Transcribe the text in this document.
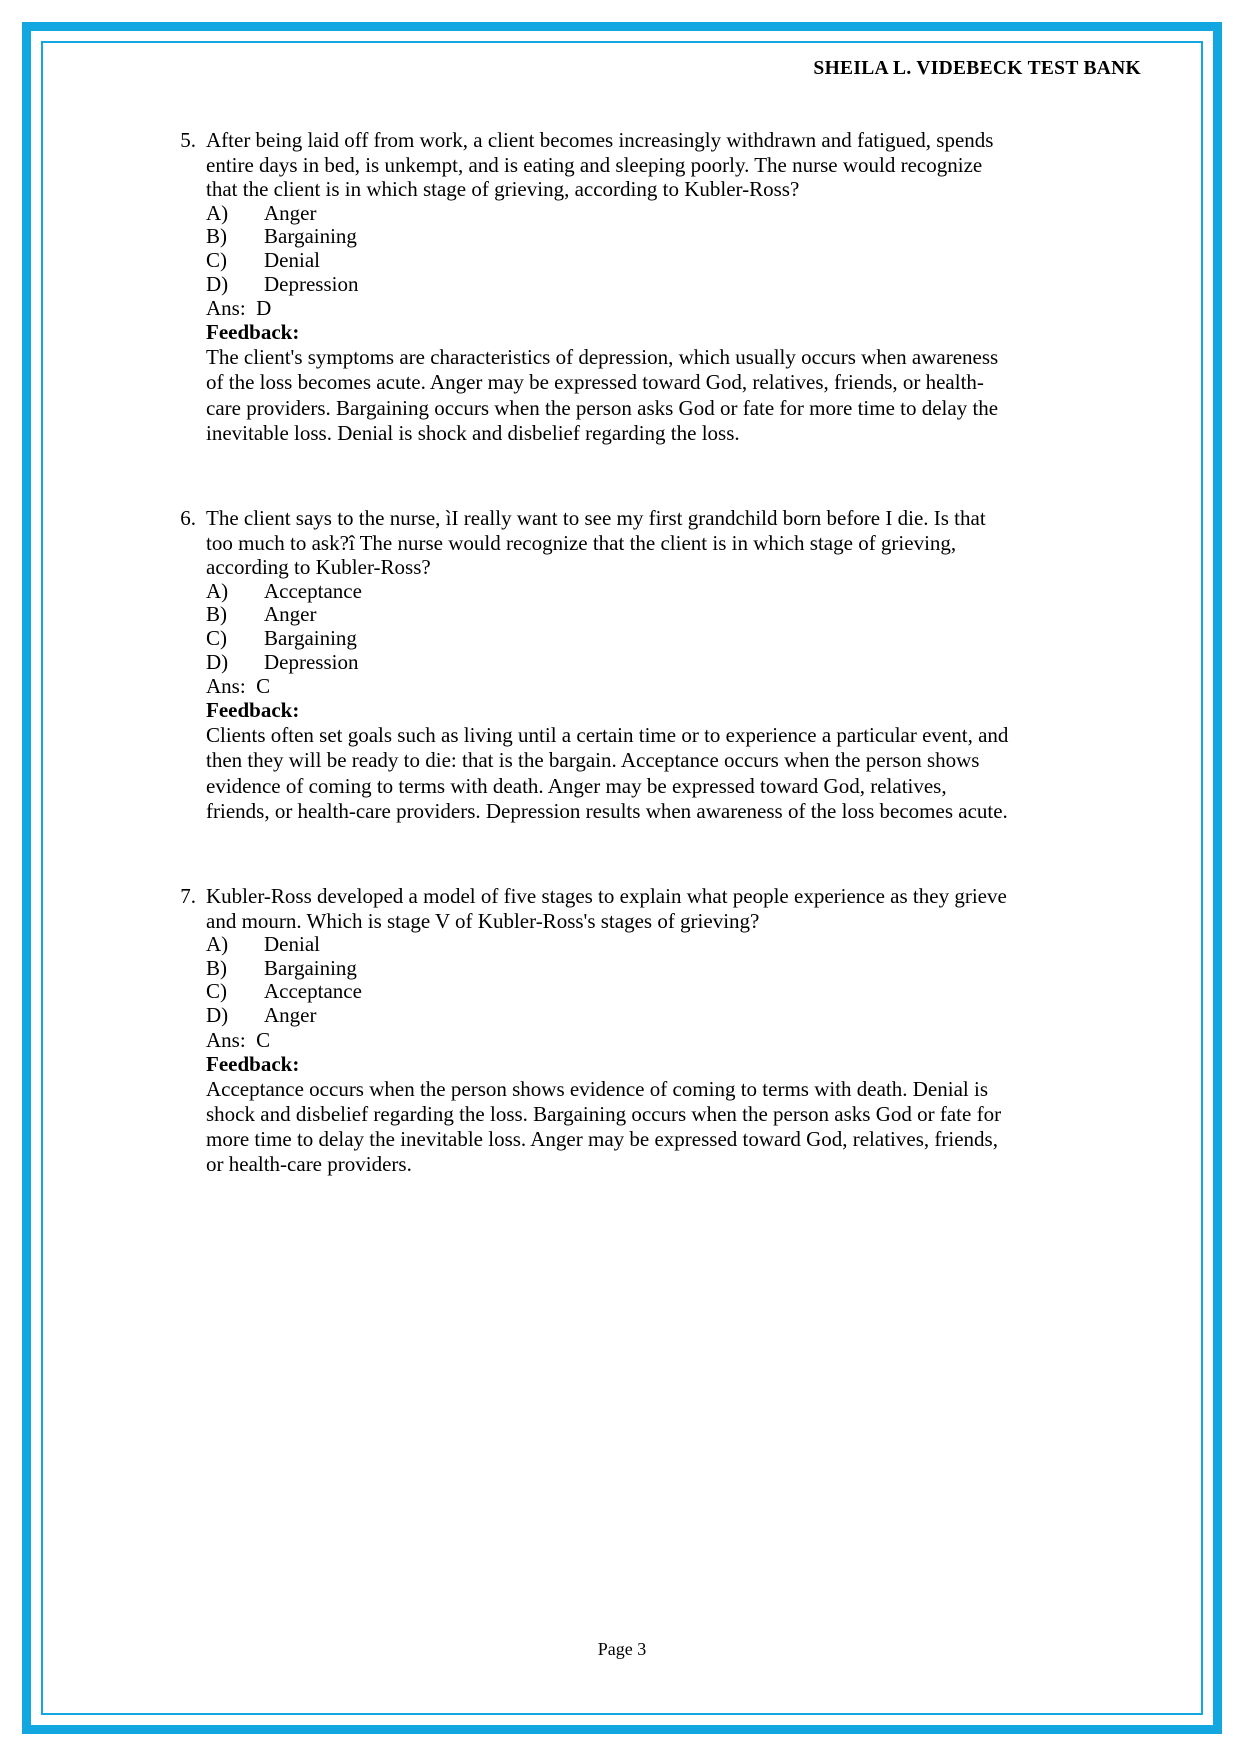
SHEILA L. VIDEBECK TEST BANK
5. After being laid off from work, a client becomes increasingly withdrawn and fatigued, spends entire days in bed, is unkempt, and is eating and sleeping poorly. The nurse would recognize that the client is in which stage of grieving, according to Kubler-Ross?
A)	Anger
B)	Bargaining
C)	Denial
D)	Depression
Ans:  D
Feedback:
The client's symptoms are characteristics of depression, which usually occurs when awareness of the loss becomes acute. Anger may be expressed toward God, relatives, friends, or health-care providers. Bargaining occurs when the person asks God or fate for more time to delay the inevitable loss. Denial is shock and disbelief regarding the loss.
6. The client says to the nurse, ìI really want to see my first grandchild born before I die. Is that too much to ask?î The nurse would recognize that the client is in which stage of grieving, according to Kubler-Ross?
A)	Acceptance
B)	Anger
C)	Bargaining
D)	Depression
Ans:  C
Feedback:
Clients often set goals such as living until a certain time or to experience a particular event, and then they will be ready to die: that is the bargain. Acceptance occurs when the person shows evidence of coming to terms with death. Anger may be expressed toward God, relatives, friends, or health-care providers. Depression results when awareness of the loss becomes acute.
7. Kubler-Ross developed a model of five stages to explain what people experience as they grieve and mourn. Which is stage V of Kubler-Ross's stages of grieving?
A)	Denial
B)	Bargaining
C)	Acceptance
D)	Anger
Ans:  C
Feedback:
Acceptance occurs when the person shows evidence of coming to terms with death. Denial is shock and disbelief regarding the loss. Bargaining occurs when the person asks God or fate for more time to delay the inevitable loss. Anger may be expressed toward God, relatives, friends, or health-care providers.
Page 3
